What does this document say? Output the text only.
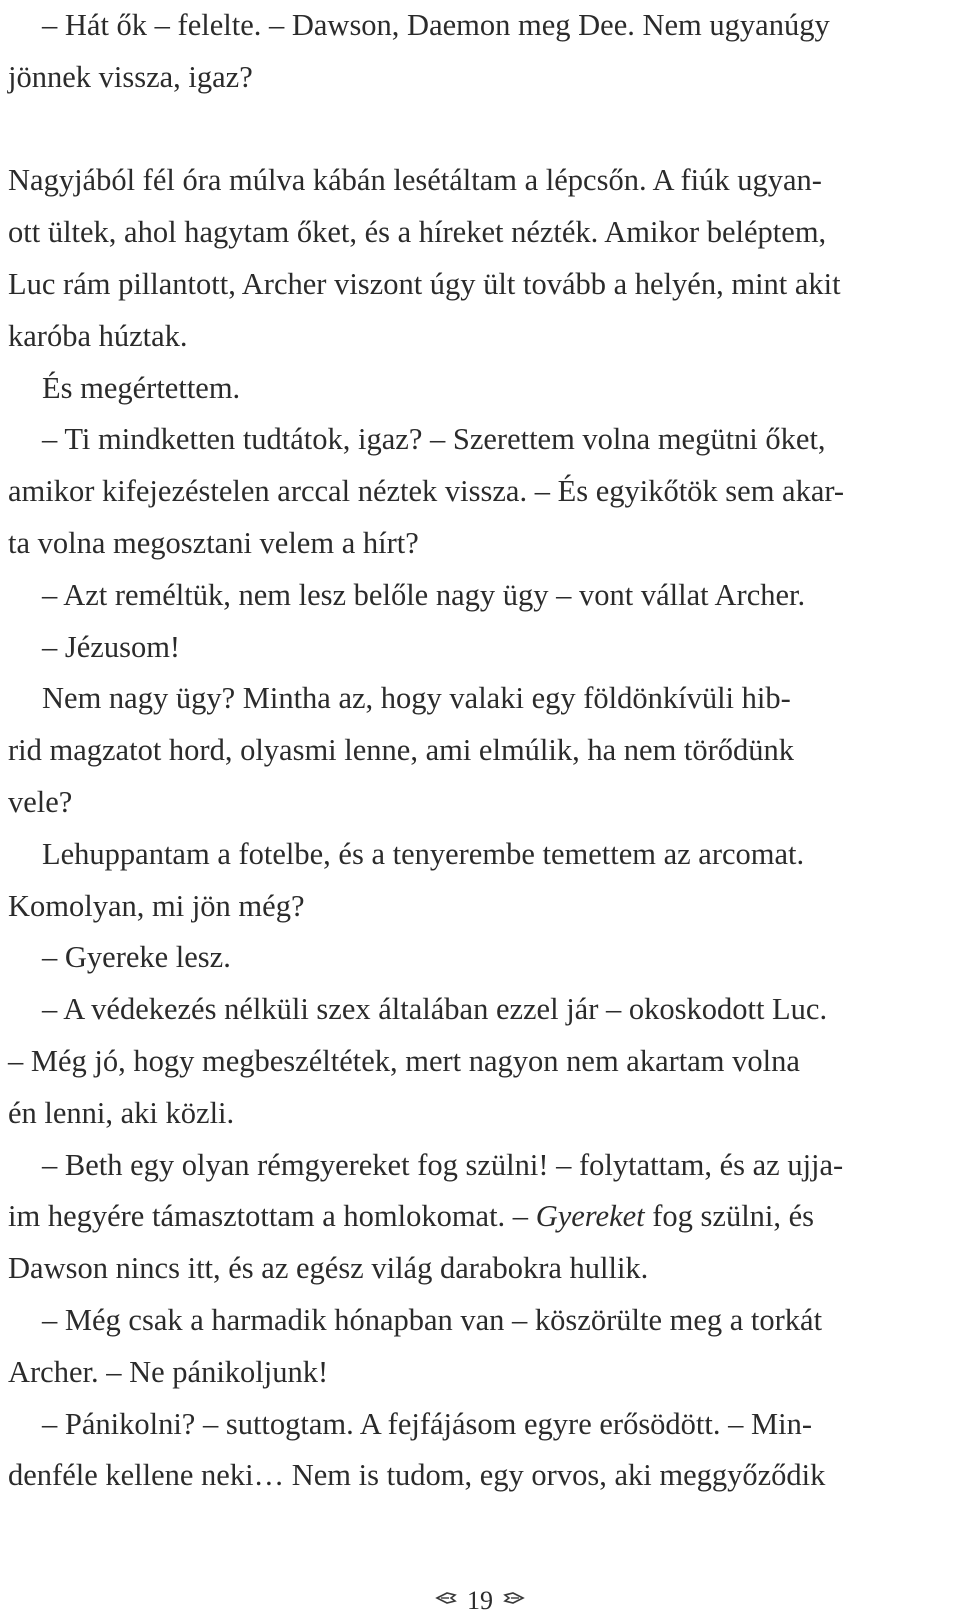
– Hát ők – felelte. – Dawson, Daemon meg Dee. Nem ugyanúgy
jönnek vissza, igaz?
Nagyjából fél óra múlva kábán lesétáltam a lépcsőn. A fiúk ugyan-
ott ültek, ahol hagytam őket, és a híreket nézték. Amikor beléptem,
Luc rám pillantott, Archer viszont úgy ült tovább a helyén, mint akit
karóba húztak.
És megértettem.
– Ti mindketten tudtátok, igaz? – Szerettem volna megütni őket,
amikor kifejezéstelen arccal néztek vissza. – És egyikőtök sem akar-
ta volna megosztani velem a hírt?
– Azt reméltük, nem lesz belőle nagy ügy – vont vállat Archer.
– Jézusom!
Nem nagy ügy? Mintha az, hogy valaki egy földönkívüli hib-
rid magzatot hord, olyasmi lenne, ami elmúlik, ha nem törődünk
vele?
Lehuppantam a fotelbe, és a tenyerembe temettem az arcomat.
Komolyan, mi jön még?
– Gyereke lesz.
– A védekezés nélküli szex általában ezzel jár – okoskodott Luc.
– Még jó, hogy megbeszéltétek, mert nagyon nem akartam volna
én lenni, aki közli.
– Beth egy olyan rémgyereket fog szülni! – folytattam, és az ujja-
im hegyére támasztottam a homlokomat. – Gyereket fog szülni, és
Dawson nincs itt, és az egész világ darabokra hullik.
– Még csak a harmadik hónapban van – köszörülte meg a torkát
Archer. – Ne pánikoljunk!
– Pánikolni? – suttogtam. A fejfájásom egyre erősödött. – Min-
denféle kellene neki… Nem is tudom, egy orvos, aki meggyőződik
19
